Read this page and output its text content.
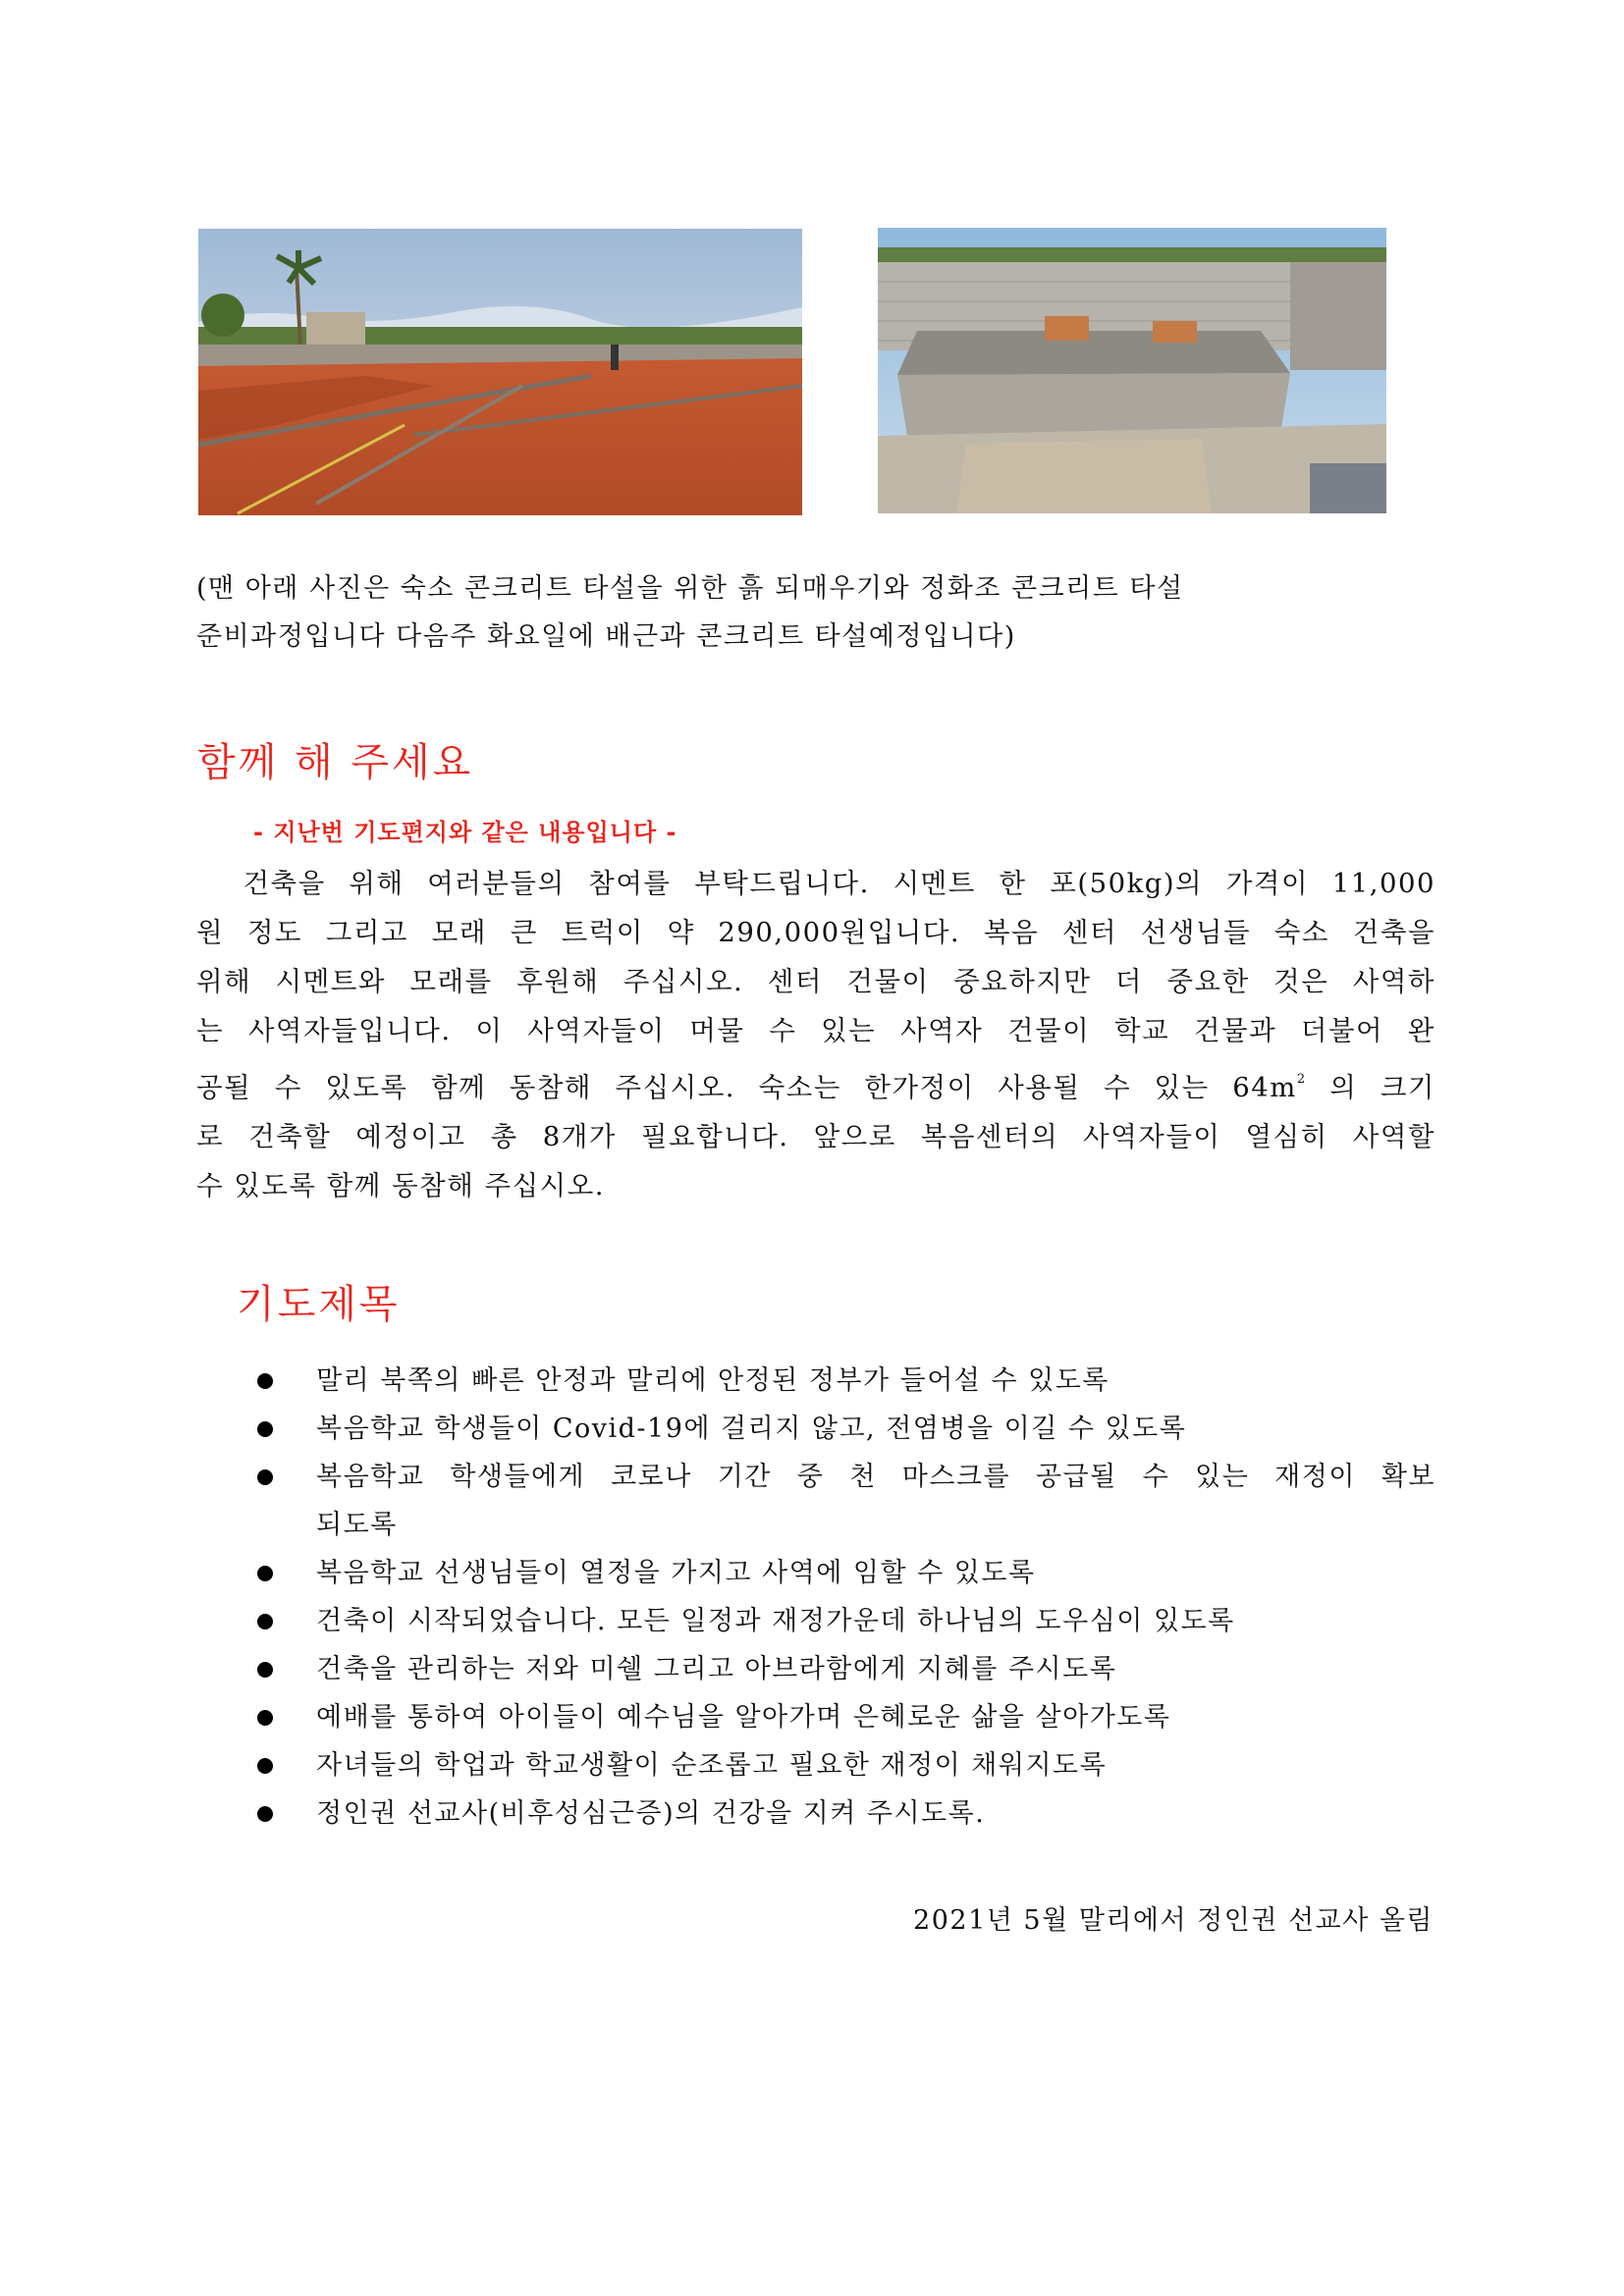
(맨 아래 사진은 숙소 콘크리트 타설을 위한 흙 되매우기와 정화조 콘크리트 타설

준비과정입니다 다음주 화요일에 배근과 콘크리트 타설예정입니다)

함께 해 주세요
- 지난번 기도편지와 같은 내용입니다 -
건축을 위해 여러분들의 참여를 부탁드립니다. 시멘트 한 포(50kg)의 가격이 11,000
원 정도 그리고 모래 큰 트럭이 약 290,000원입니다. 복음 센터 선생님들 숙소 건축을
위해 시멘트와 모래를 후원해 주십시오. 센터 건물이 중요하지만 더 중요한 것은 사역하
는 사역자들입니다. 이 사역자들이 머물 수 있는 사역자 건물이 학교 건물과 더불어 완
공될 수 있도록 함께 동참해 주십시오. 숙소는 한가정이 사용될 수 있는 $64m^2$ 의 크기
로 건축할 예정이고 총 8개가 필요합니다. 앞으로 복음센터의 사역자들이 열심히 사역할
수 있도록 함께 동참해 주십시오.
기도제목
말리 북쪽의 빠른 안정과 말리에 안정된 정부가 들어설 수 있도록
복음학교 학생들이 Covid-19에 걸리지 않고, 전염병을 이길 수 있도록
복음학교 학생들에게 코로나 기간 중 천 마스크를 공급될 수 있는 재정이 확보
되도록
복음학교 선생님들이 열정을 가지고 사역에 임할 수 있도록
건축이 시작되었습니다. 모든 일정과 재정가운데 하나님의 도우심이 있도록
건축을 관리하는 저와 미쉘 그리고 아브라함에게 지혜를 주시도록
예배를 통하여 아이들이 예수님을 알아가며 은혜로운 삶을 살아가도록
자녀들의 학업과 학교생활이 순조롭고 필요한 재정이 채워지도록
정인권 선교사(비후성심근증)의 건강을 지켜 주시도록.
2021년 5월 말리에서 정인권 선교사 올림
